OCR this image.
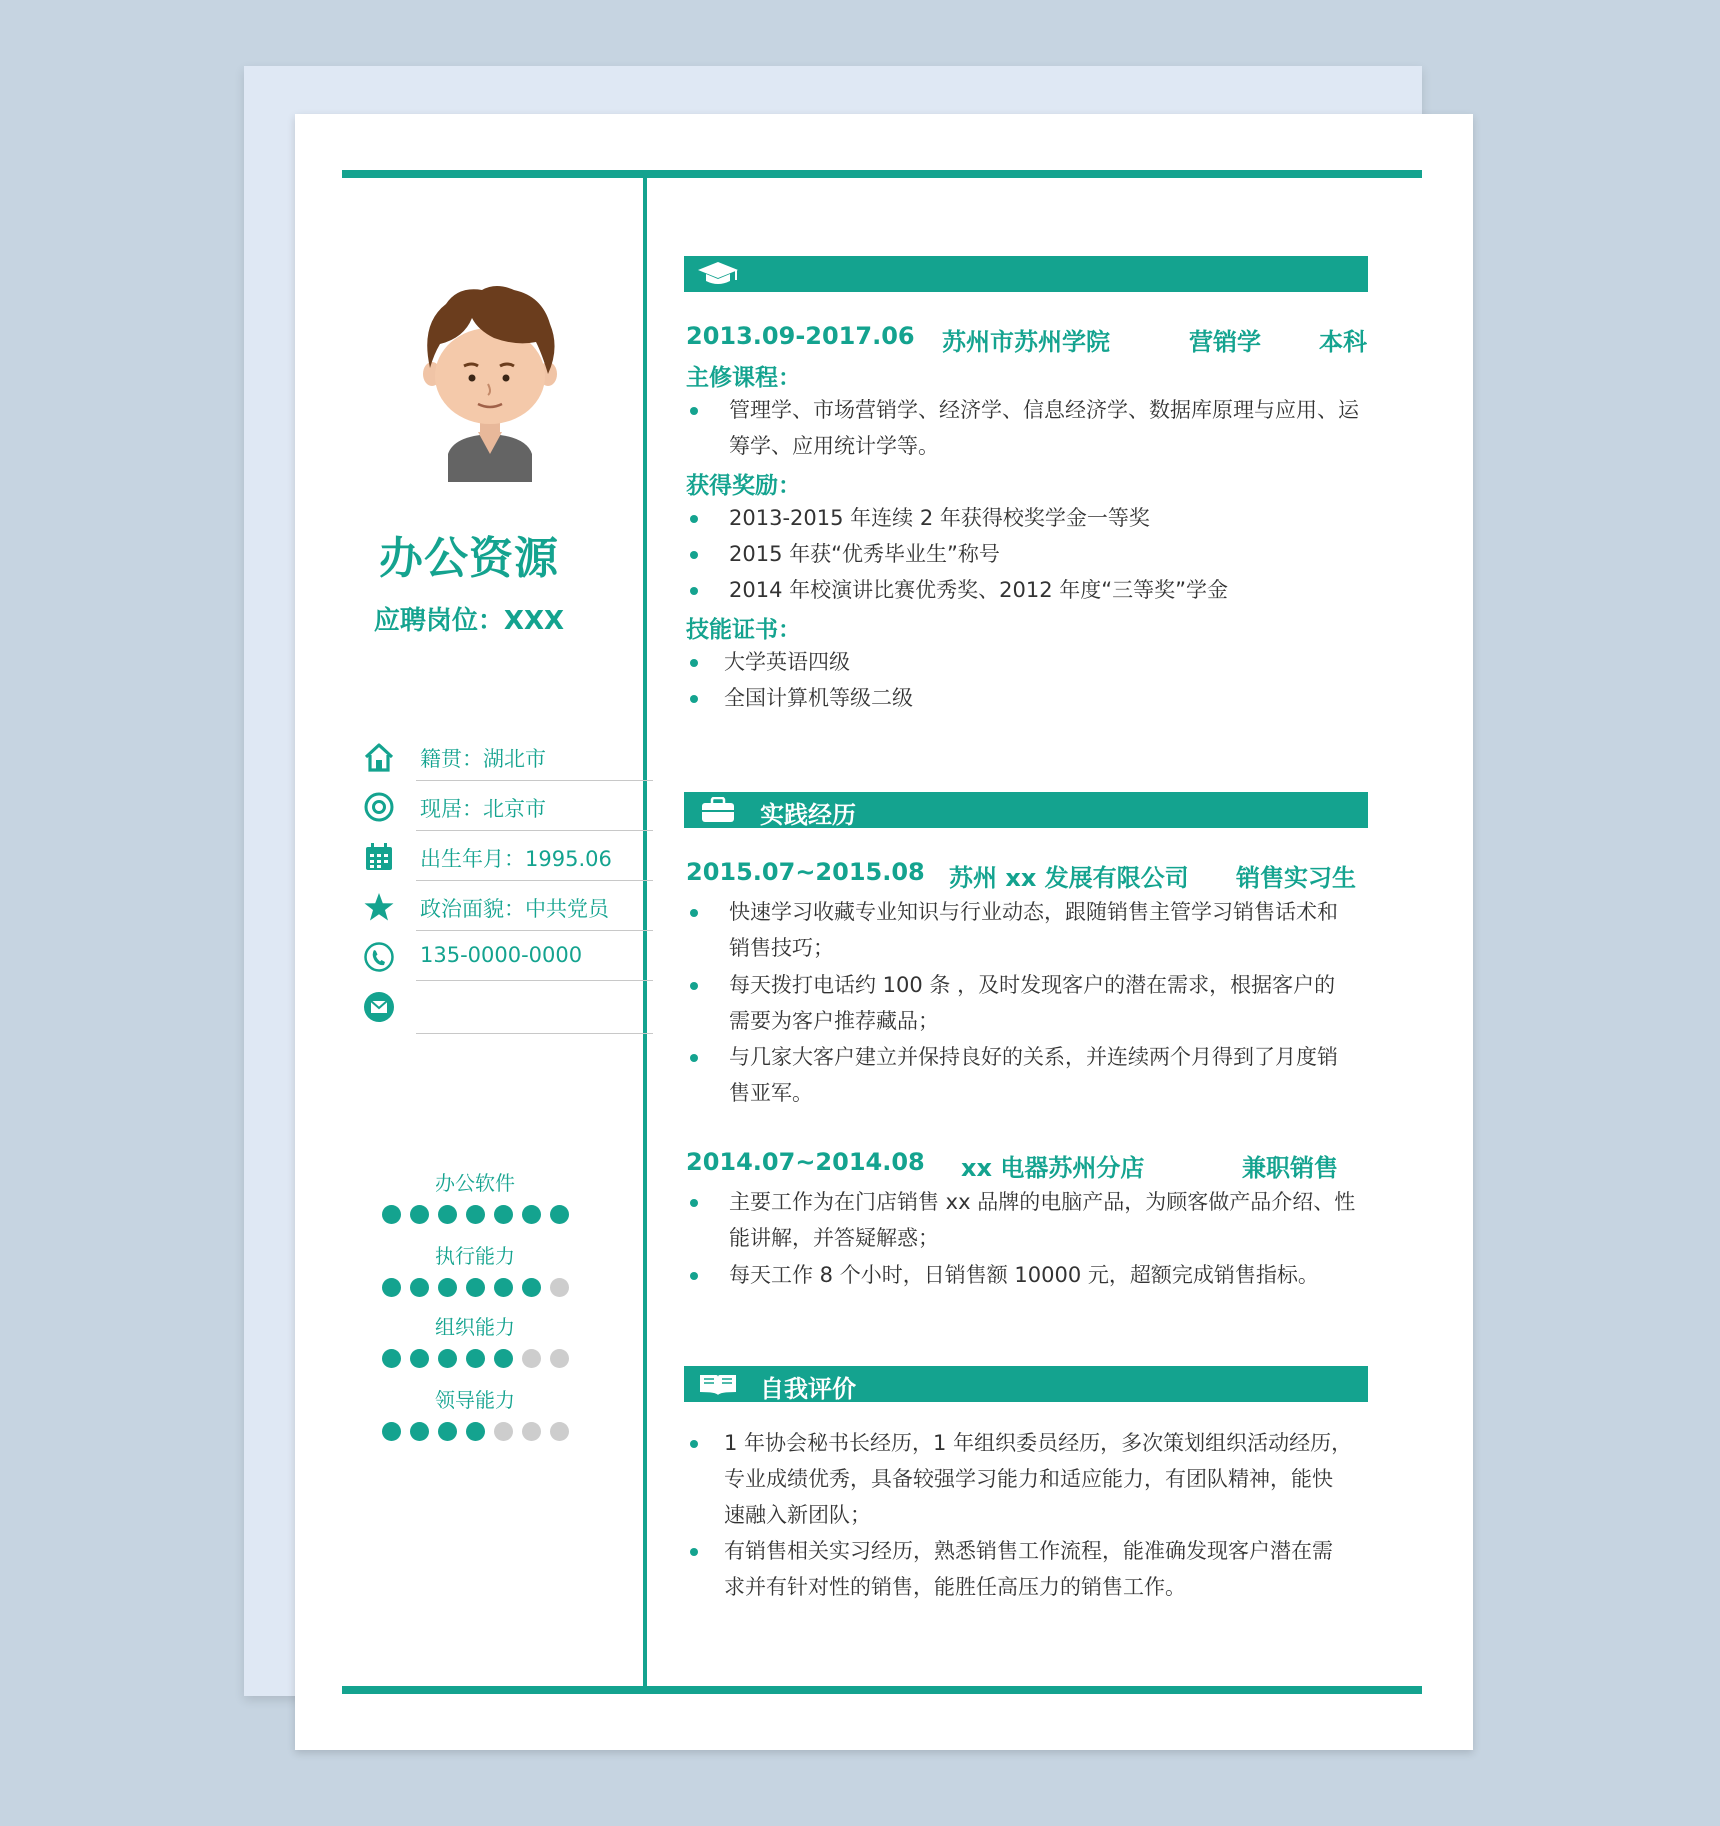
办公资源
应聘岗位：XXX
籍贯：湖北市
现居：北京市
出生年月：1995.06
政治面貌：中共党员
135-0000-0000
办公软件
执行能力
组织能力
领导能力
2013.09-2017.06 苏州市苏州学院	营销学 本科
主修课程：
管理学、市场营销学、经济学、信息经济学、数据库原理与应用、运
筹学、应用统计学等。
获得奖励：
2013-2015 年连续 2 年获得校奖学金一等奖
2015 年获“优秀毕业生”称号
2014 年校演讲比赛优秀奖、2012 年度“三等奖”学金
技能证书：
大学英语四级
全国计算机等级二级
实践经历
2015.07~2015.08 苏州 xx 发展有限公司 销售实习生
快速学习收藏专业知识与行业动态，跟随销售主管学习销售话术和
销售技巧；
每天拨打电话约 100 条 ，及时发现客户的潜在需求，根据客户的
需要为客户推荐藏品；
与几家大客户建立并保持良好的关系，并连续两个月得到了月度销
售亚军。
2014.07~2014.08 xx 电器苏州分店	兼职销售
主要工作为在门店销售 xx 品牌的电脑产品，为顾客做产品介绍、性
能讲解，并答疑解惑；
每天工作 8 个小时，日销售额 10000 元，超额完成销售指标。
自我评价
1 年协会秘书长经历，1 年组织委员经历，多次策划组织活动经历，
专业成绩优秀，具备较强学习能力和适应能力，有团队精神，能快
速融入新团队；
有销售相关实习经历，熟悉销售工作流程，能准确发现客户潜在需
求并有针对性的销售，能胜任高压力的销售工作。
